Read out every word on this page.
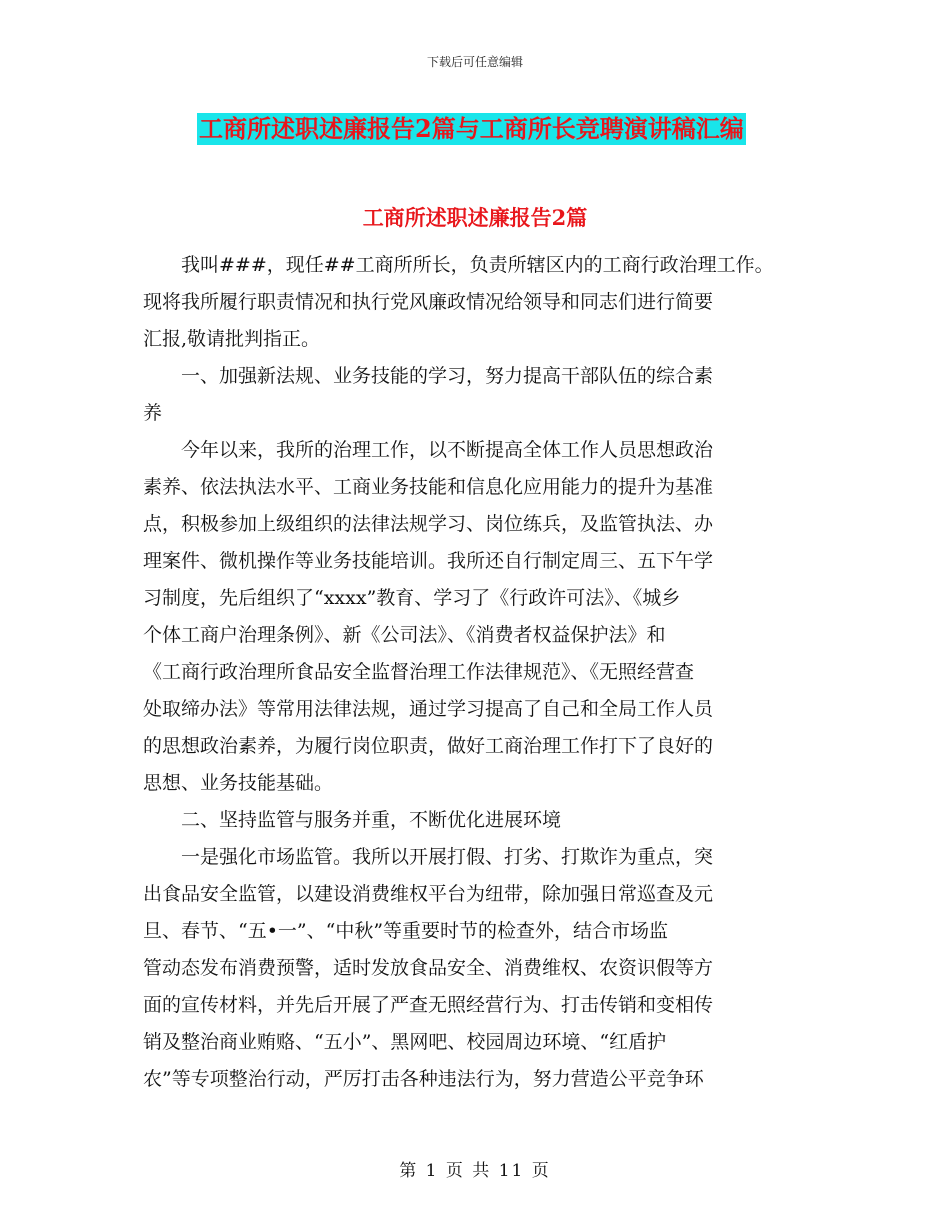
下载后可任意编辑
工商所述职述廉报告2篇与工商所长竞聘演讲稿汇编
工商所述职述廉报告2篇
　　我叫###，现任##工商所所长，负责所辖区内的工商行政治理工作。
现将我所履行职责情况和执行党风廉政情况给领导和同志们进行简要
汇报,敬请批判指正。
　　一、加强新法规、业务技能的学习，努力提高干部队伍的综合素
养
　　今年以来，我所的治理工作，以不断提高全体工作人员思想政治
素养、依法执法水平、工商业务技能和信息化应用能力的提升为基准
点，积极参加上级组织的法律法规学习、岗位练兵，及监管执法、办
理案件、微机操作等业务技能培训。我所还自行制定周三、五下午学
习制度，先后组织了“xxxx”教育、学习了《行政许可法》、《城乡
个体工商户治理条例》、新《公司法》、《消费者权益保护法》和
《工商行政治理所食品安全监督治理工作法律规范》、《无照经营查
处取缔办法》等常用法律法规，通过学习提高了自己和全局工作人员
的思想政治素养，为履行岗位职责，做好工商治理工作打下了良好的
思想、业务技能基础。
　　二、坚持监管与服务并重，不断优化进展环境
　　一是强化市场监管。我所以开展打假、打劣、打欺诈为重点，突
出食品安全监管，以建设消费维权平台为纽带，除加强日常巡查及元
旦、春节、“五•一”、“中秋”等重要时节的检查外，结合市场监
管动态发布消费预警，适时发放食品安全、消费维权、农资识假等方
面的宣传材料，并先后开展了严查无照经营行为、打击传销和变相传
销及整治商业贿赂、“五小”、黑网吧、校园周边环境、“红盾护
农”等专项整治行动，严厉打击各种违法行为，努力营造公平竞争环
第 1 页 共 11 页
